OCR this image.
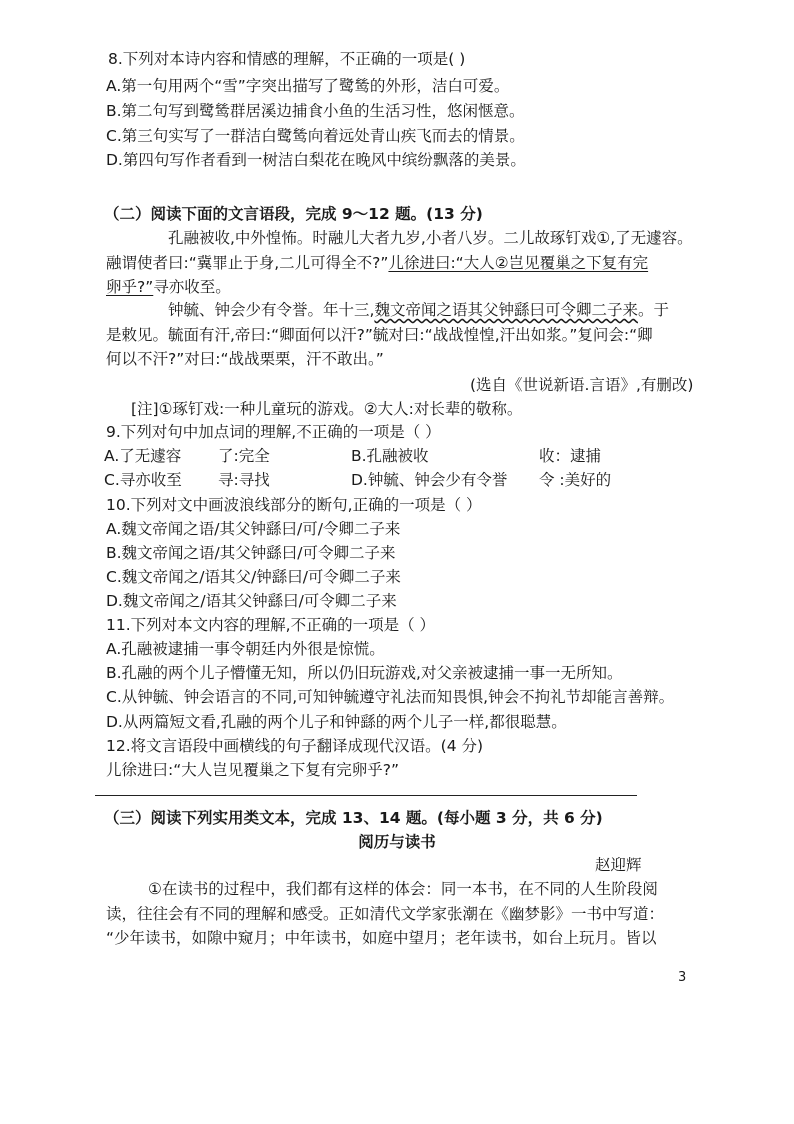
8.下列对本诗内容和情感的理解，不正确的一项是( )
A.第一句用两个“雪”字突出描写了鹭鸶的外形，洁白可爱。
B.第二句写到鹭鸶群居溪边捕食小鱼的生活习性，悠闲惬意。
C.第三句实写了一群洁白鹭鸶向着远处青山疾飞而去的情景。
D.第四句写作者看到一树洁白梨花在晚风中缤纷飘落的美景。
（二）阅读下面的文言语段，完成 9～12 题。(13 分)
孔融被收,中外惶怖。时融儿大者九岁,小者八岁。二儿故琢钉戏①,了无遽容。
融谓使者曰:“冀罪止于身,二儿可得全不?”儿徐进曰:“大人②岂见覆巢之下复有完
卵乎?”寻亦收至。
钟毓、钟会少有令誉。年十三,魏文帝闻之语其父钟繇曰可令卿二子来。于
是敕见。毓面有汗,帝曰:“卿面何以汗?”毓对曰:“战战惶惶,汗出如浆。”复问会:“卿
何以不汗?”对曰:“战战栗栗，汗不敢出。”
(选自《世说新语.言语》,有删改)
[注]①琢钉戏:一种儿童玩的游戏。②大人:对长辈的敬称。
9.下列对句中加点词的理解,不正确的一项是（ ）
A.了无遽容 了:完全	B.孔融被收	收：逮捕
C.寻亦收至 寻:寻找	D.钟毓、钟会少有令誉 令 :美好的
10.下列对文中画波浪线部分的断句,正确的一项是（ ）
A.魏文帝闻之语/其父钟繇曰/可/令卿二子来
B.魏文帝闻之语/其父钟繇曰/可令卿二子来
C.魏文帝闻之/语其父/钟繇曰/可令卿二子来
D.魏文帝闻之/语其父钟繇曰/可令卿二子来
11.下列对本文内容的理解,不正确的一项是（ ）
A.孔融被逮捕一事令朝廷内外很是惊慌。
B.孔融的两个儿子懵懂无知，所以仍旧玩游戏,对父亲被逮捕一事一无所知。
C.从钟毓、钟会语言的不同,可知钟毓遵守礼法而知畏惧,钟会不拘礼节却能言善辩。
D.从两篇短文看,孔融的两个儿子和钟繇的两个儿子一样,都很聪慧。
12.将文言语段中画横线的句子翻译成现代汉语。(4 分)
儿徐进曰:“大人岂见覆巢之下复有完卵乎?”
（三）阅读下列实用类文本，完成 13、14 题。(每小题 3 分，共 6 分)
阅历与读书
赵迎辉
①在读书的过程中，我们都有这样的体会：同一本书，在不同的人生阶段阅
读，往往会有不同的理解和感受。正如清代文学家张潮在《幽梦影》一书中写道：
“少年读书，如隙中窥月；中年读书，如庭中望月；老年读书，如台上玩月。皆以
3
